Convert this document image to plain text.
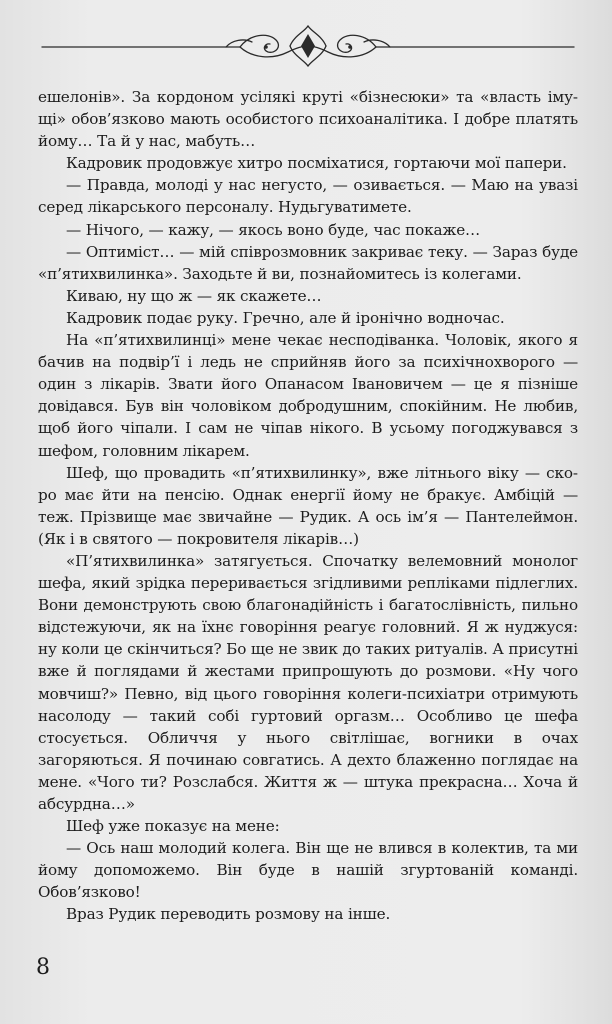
ешелонів». За кордоном усілякі круті «бізнесюки» та «власть імущі» обов’язково мають особистого психоаналітика. І добре платять йому… Та й у нас, мабуть…

Кадровик продовжує хитро посміхатися, гортаючи мої папери.

— Правда, молоді у нас негусто, — озивається. — Маю на увазі серед лікарського персоналу. Нудьгуватимете.

— Нічого, — кажу, — якось воно буде, час покаже…

— Оптиміст… — мій співрозмовник закриває теку. — Зараз буде «п’ятихвилинка». Заходьте й ви, познайомитесь із колегами.

Киваю, ну що ж — як скажете…

Кадровик подає руку. Гречно, але й іронічно водночас.

На «п’ятихвилинці» мене чекає несподіванка. Чоловік, якого я бачив на подвір’ї і ледь не сприйняв його за психічнохворого — один з лікарів. Звати його Опанасом Івановичем — це я пізніше довідався. Був він чоловіком добродушним, спокійним. Не любив, щоб його чіпали. І сам не чіпав нікого. В усьому погоджувався з шефом, головним лікарем.

Шеф, що провадить «п’ятихвилинку», вже літнього віку — скоро має йти на пенсію. Однак енергії йому не бракує. Амбіцій — теж. Прізвище має звичайне — Рудик. А ось ім’я — Пантелеймон. (Як і в святого — покровителя лікарів…)

«П’ятихвилинка» затягується. Спочатку велемовний монолог шефа, який зрідка переривається згідливими репліками підлеглих. Вони демонструють свою благонадійність і багатослівність, пильно відстежуючи, як на їхнє говоріння реагує головний. Я ж нуджуся: ну коли це скінчиться? Бо ще не звик до таких ритуалів. А присутні вже й поглядами й жестами припрошують до розмови. «Ну чого мовчиш?» Певно, від цього говоріння колеги-психіатри отримують насолоду — такий собі гуртовий оргазм… Особливо це шефа стосується. Обличчя у нього світлішає, вогники в очах загоряються. Я починаю совгатись. А дехто блаженно поглядає на мене. «Чого ти? Розслабся. Життя ж — штука прекрасна… Хоча й абсурдна…»

Шеф уже показує на мене:

— Ось наш молодий колега. Він ще не влився в колектив, та ми йому допоможемо. Він буде в нашій згуртованій команді. Обов’язково!

Враз Рудик переводить розмову на інше.

8
